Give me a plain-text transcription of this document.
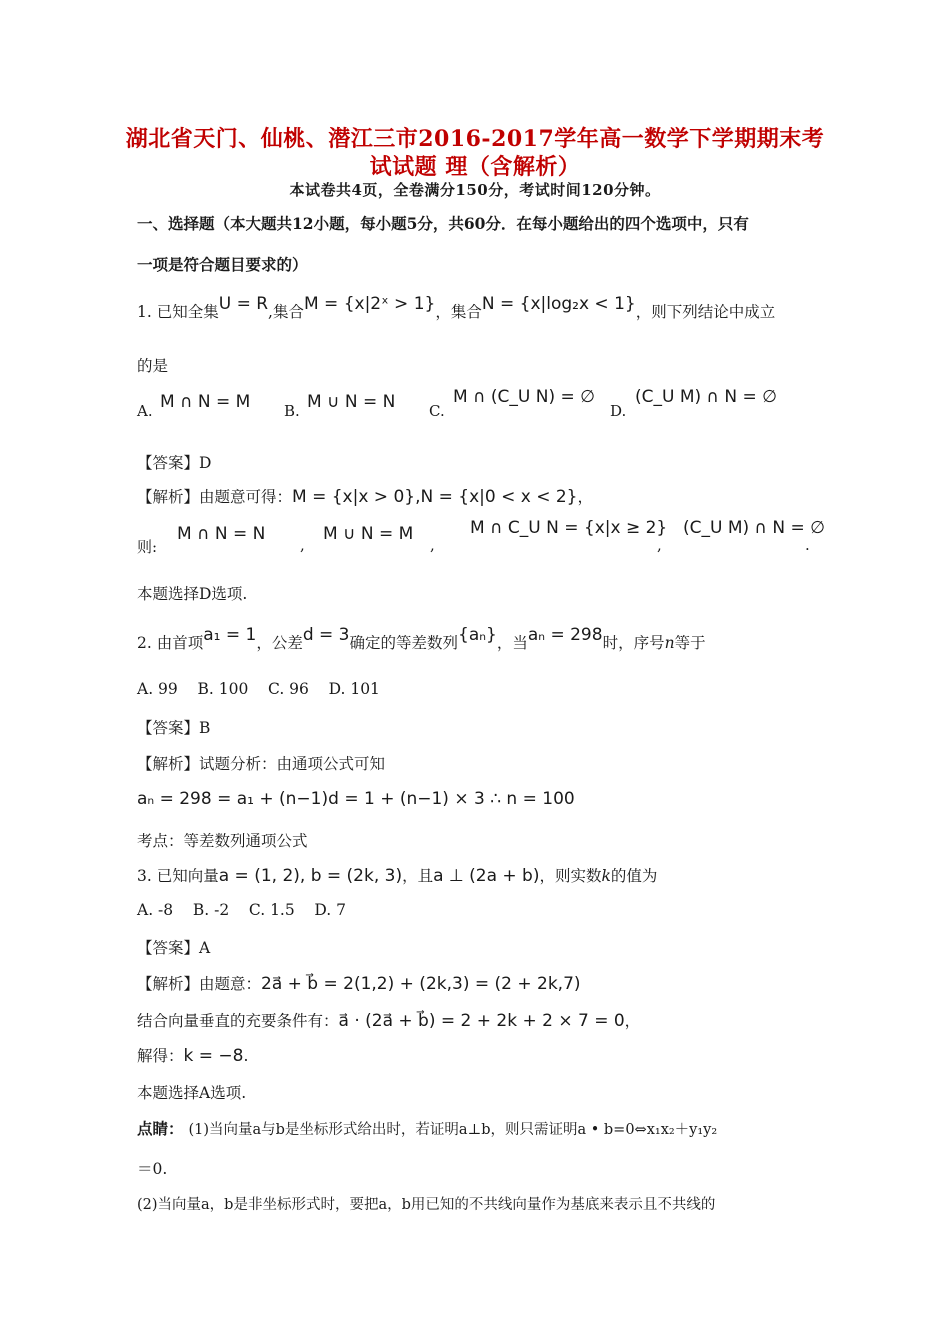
湖北省天门、仙桃、潜江三市2016-2017学年高一数学下学期期末考
试试题 理（含解析）
本试卷共4页，全卷满分150分，考试时间120分钟。
一、选择题（本大题共12小题，每小题5分，共60分．在每小题给出的四个选项中，只有
一项是符合题目要求的）
1. 已知全集U = R,集合M = {x|2ˣ > 1}，集合N = {x|log₂x < 1}，则下列结论中成立
的是
A. M ∩ N = M B. M ∪ N = N C.
M ∩ (C_U N) = ∅
D.
(C_U M) ∩ N = ∅
【答案】D
【解析】由题意可得：M = {x|x > 0},N = {x|0 < x < 2}，
则:
M ∩ N = N
,
M ∪ N = M
,
M ∩ C_U N = {x|x ≥ 2}
,
(C_U M) ∩ N = ∅
.
本题选择D选项.
2. 由首项a₁ = 1，公差d = 3确定的等差数列{aₙ}，当aₙ = 298时，序号n等于
A. 99    B. 100    C. 96    D. 101
【答案】B
【解析】试题分析：由通项公式可知
aₙ = 298 = a₁ + (n−1)d = 1 + (n−1) × 3 ∴ n = 100
考点：等差数列通项公式
3. 已知向量a = (1, 2), b = (2k, 3)，且a ⊥ (2a + b)，则实数k的值为
A. -8    B. -2    C. 1.5    D. 7
【答案】A
【解析】由题意：2a⃗ + b⃗ = 2(1,2) + (2k,3) = (2 + 2k,7)
结合向量垂直的充要条件有：a⃗ · (2a⃗ + b⃗) = 2 + 2k + 2 × 7 = 0，
解得：k = −8.
本题选择A选项.
点睛： (1)当向量a与b是坐标形式给出时，若证明a⊥b，则只需证明a • b=0⇔x₁x₂＋y₁y₂
＝0.
(2)当向量a，b是非坐标形式时，要把a，b用已知的不共线向量作为基底来表示且不共线的
